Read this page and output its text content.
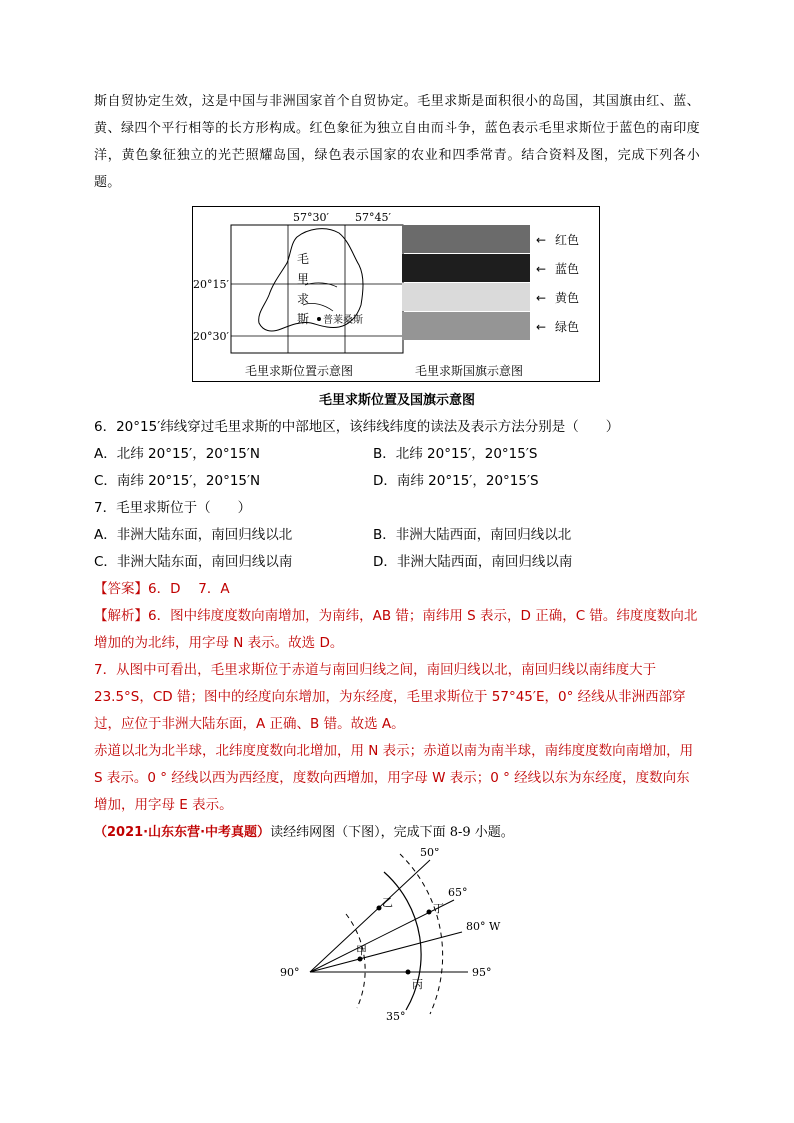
斯自贸协定生效，这是中国与非洲国家首个自贸协定。毛里求斯是面积很小的岛国，其国旗由红、蓝、黄、绿四个平行相等的长方形构成。红色象征为独立自由而斗争，蓝色表示毛里求斯位于蓝色的南印度洋，黄色象征独立的光芒照耀岛国，绿色表示国家的农业和四季常青。结合资料及图，完成下列各小题。

57°30′ 57°45′
20°15′
20°30′
毛
里
求
斯 普莱桑斯
毛里求斯位置示意图
←
←
←
←
红色
蓝色
黄色
绿色
毛里求斯国旗示意图
毛里求斯位置及国旗示意图

6．20°15′纬线穿过毛里求斯的中部地区，该纬线纬度的读法及表示方法分别是（　　）

A．北纬 20°15′，20°15′N	B．北纬 20°15′，20°15′S
C．南纬 20°15′，20°15′N	D．南纬 20°15′，20°15′S

7．毛里求斯位于（　　）

A．非洲大陆东面，南回归线以北	B．非洲大陆西面，南回归线以北
C．非洲大陆东面，南回归线以南	D．非洲大陆西面，南回归线以南

【答案】6．D　 7．A

【解析】6．图中纬度度数向南增加，为南纬，AB 错；南纬用 S 表示，D 正确，C 错。纬度度数向北增加的为北纬，用字母 N 表示。故选 D。

7．从图中可看出，毛里求斯位于赤道与南回归线之间，南回归线以北，南回归线以南纬度大于 23.5°S，CD 错；图中的经度向东增加，为东经度，毛里求斯位于 57°45′E，0° 经线从非洲西部穿过，应位于非洲大陆东面，A 正确、B 错。故选 A。

赤道以北为北半球，北纬度度数向北增加，用 N 表示；赤道以南为南半球，南纬度度数向南增加，用 S 表示。0 ° 经线以西为西经度，度数向西增加，用字母 W 表示；0 ° 经线以东为东经度，度数向东增加，用字母 E 表示。

（2021·山东东营·中考真题）读经纬网图（下图），完成下面 8-9 小题。

乙	丁
甲
丙
50°
65°
80° W
95°
90°
35°
